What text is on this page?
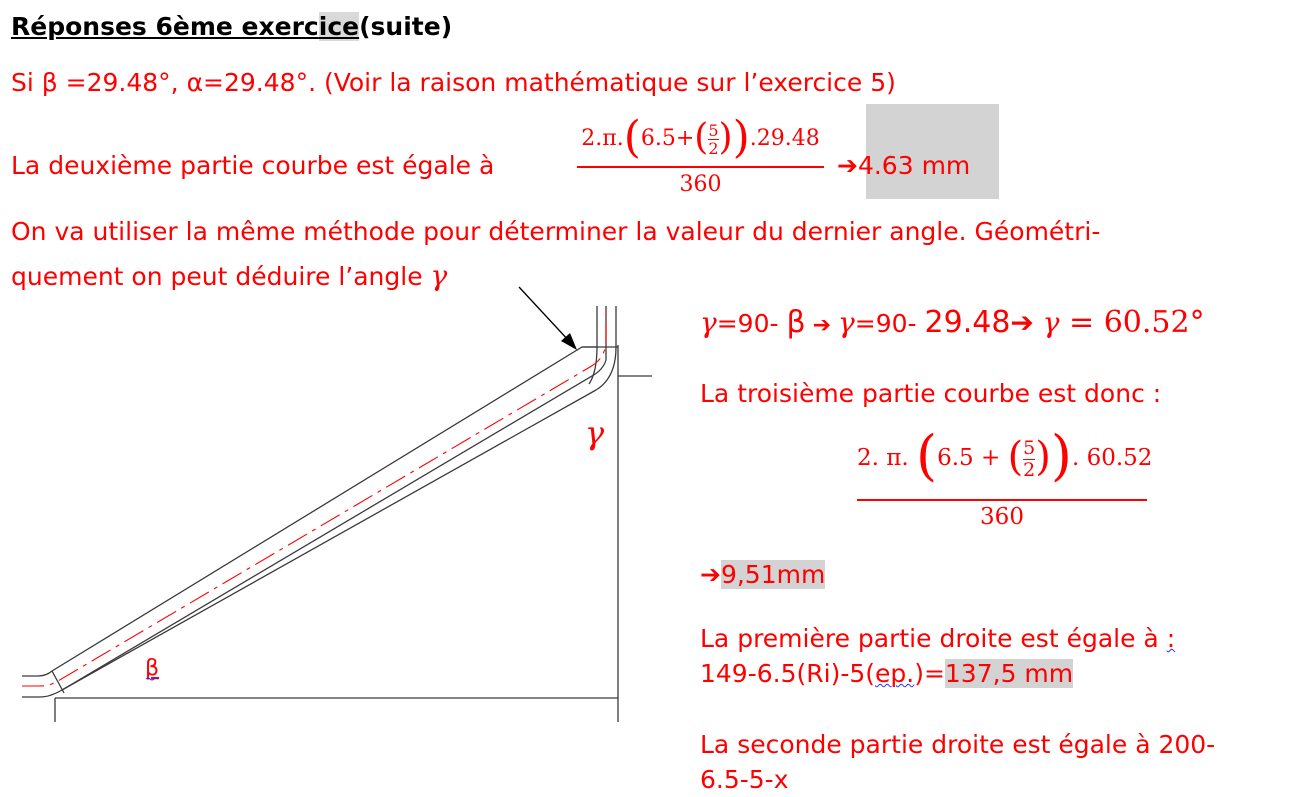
Réponses 6ème exercice(suite)
Si β =29.48°, α=29.48°. (Voir la raison mathématique sur l’exercice 5)
La deuxième partie courbe est égale à
$2.\pi.(6.5+(\frac{5}{2} )).29.48$
360
➔4.63 mm
On va utiliser la même méthode pour déterminer la valeur du dernier angle. Géométri-
quement on peut déduire l’angle γ
γ=90- β ➔ γ=90- 29.48➔ γ = 60.52°
La troisième partie courbe est donc :
2. π. ($6.5 + (\frac{5}{2}$ )). 60.52
360
➔9,51mm
La première partie droite est égale à :
149-6.5(Ri)-5(ep.)=137,5 mm
La seconde partie droite est égale à 200-
6.5-5-x
γ
β
